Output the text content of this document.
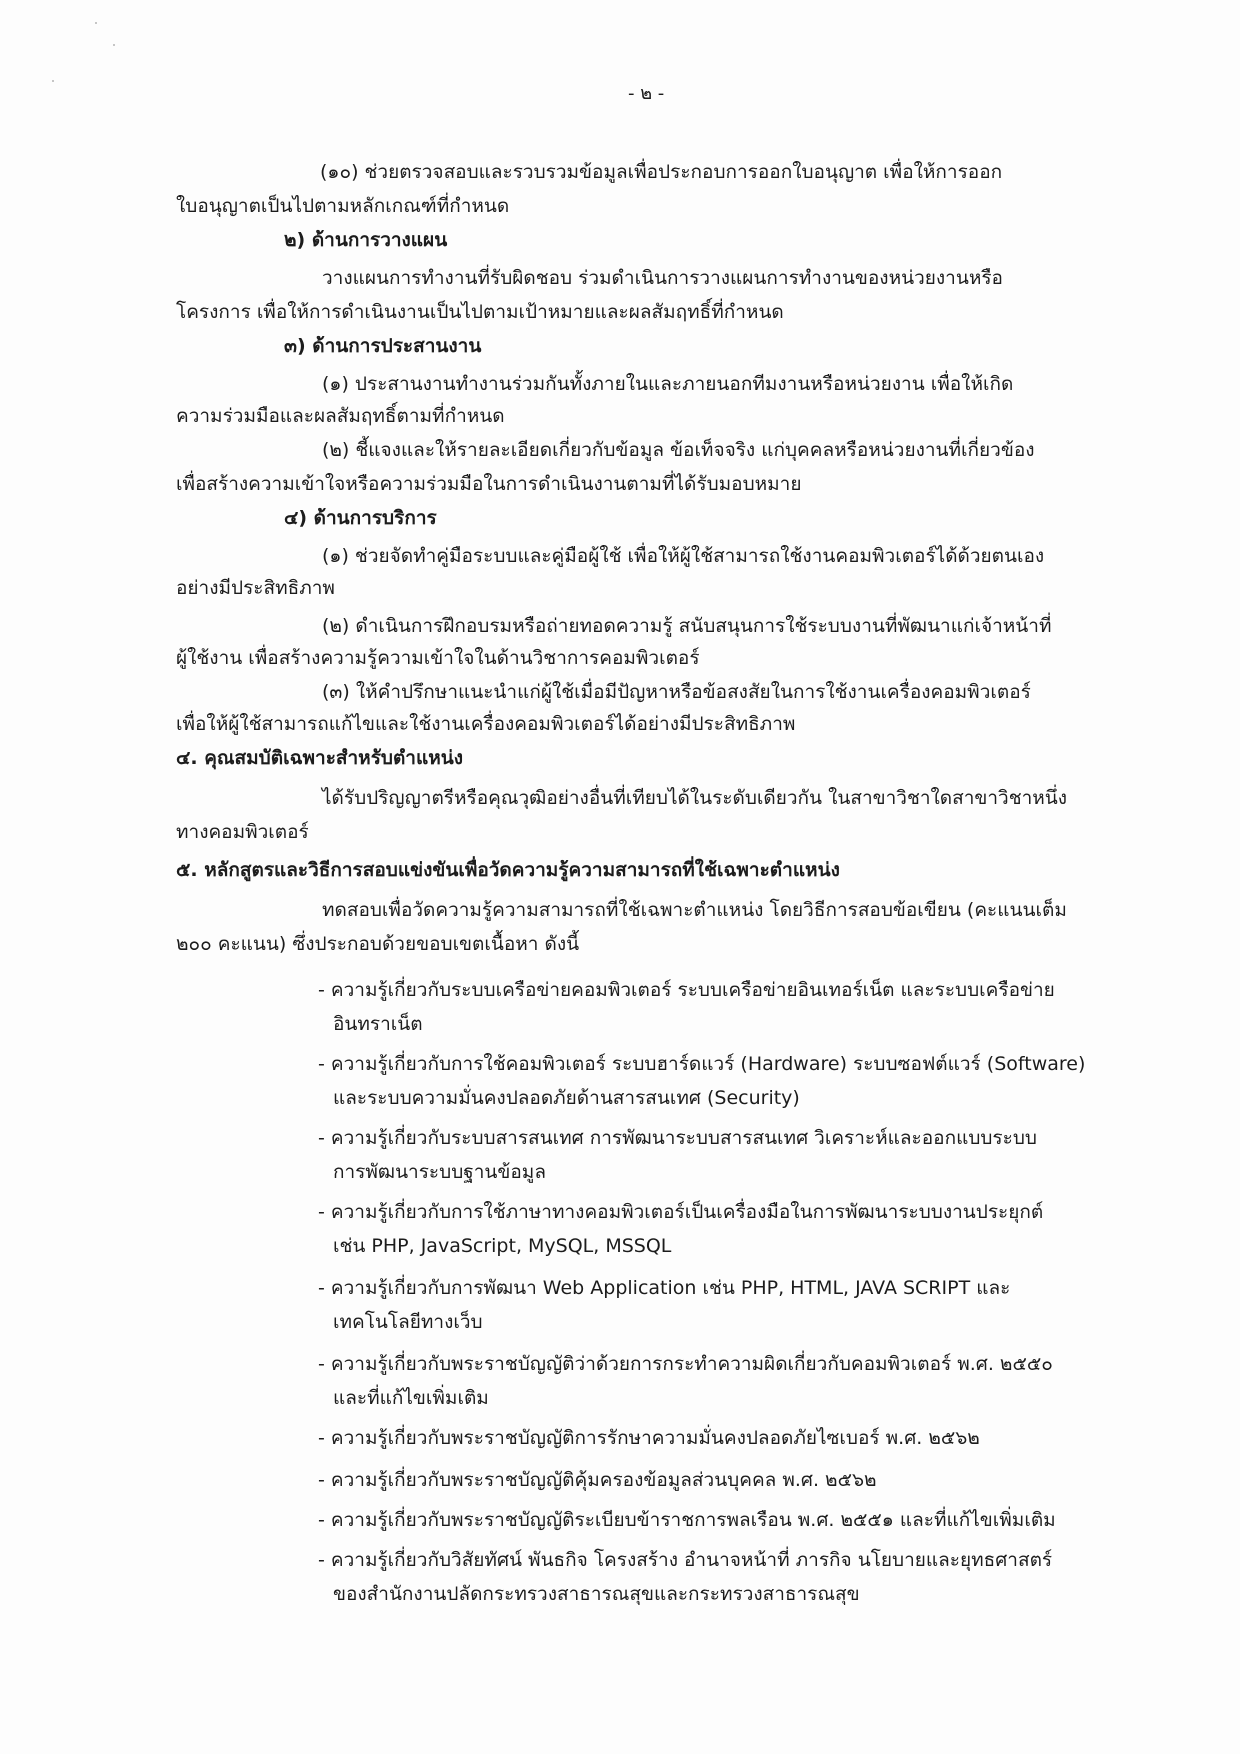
- ๒ -
(๑๐) ช่วยตรวจสอบและรวบรวมข้อมูลเพื่อประกอบการออกใบอนุญาต เพื่อให้การออก
ใบอนุญาตเป็นไปตามหลักเกณฑ์ที่กำหนด
๒) ด้านการวางแผน
วางแผนการทำงานที่รับผิดชอบ ร่วมดำเนินการวางแผนการทำงานของหน่วยงานหรือ
โครงการ เพื่อให้การดำเนินงานเป็นไปตามเป้าหมายและผลสัมฤทธิ์ที่กำหนด
๓) ด้านการประสานงาน
(๑) ประสานงานทำงานร่วมกันทั้งภายในและภายนอกทีมงานหรือหน่วยงาน เพื่อให้เกิด
ความร่วมมือและผลสัมฤทธิ์ตามที่กำหนด
(๒) ชี้แจงและให้รายละเอียดเกี่ยวกับข้อมูล ข้อเท็จจริง แก่บุคคลหรือหน่วยงานที่เกี่ยวข้อง
เพื่อสร้างความเข้าใจหรือความร่วมมือในการดำเนินงานตามที่ได้รับมอบหมาย
๔) ด้านการบริการ
(๑) ช่วยจัดทำคู่มือระบบและคู่มือผู้ใช้ เพื่อให้ผู้ใช้สามารถใช้งานคอมพิวเตอร์ได้ด้วยตนเอง
อย่างมีประสิทธิภาพ
(๒) ดำเนินการฝึกอบรมหรือถ่ายทอดความรู้ สนับสนุนการใช้ระบบงานที่พัฒนาแก่เจ้าหน้าที่
ผู้ใช้งาน เพื่อสร้างความรู้ความเข้าใจในด้านวิชาการคอมพิวเตอร์
(๓) ให้คำปรึกษาแนะนำแก่ผู้ใช้เมื่อมีปัญหาหรือข้อสงสัยในการใช้งานเครื่องคอมพิวเตอร์
เพื่อให้ผู้ใช้สามารถแก้ไขและใช้งานเครื่องคอมพิวเตอร์ได้อย่างมีประสิทธิภาพ
๔. คุณสมบัติเฉพาะสำหรับตำแหน่ง
ได้รับปริญญาตรีหรือคุณวุฒิอย่างอื่นที่เทียบได้ในระดับเดียวกัน ในสาขาวิชาใดสาขาวิชาหนึ่ง
ทางคอมพิวเตอร์
๕. หลักสูตรและวิธีการสอบแข่งขันเพื่อวัดความรู้ความสามารถที่ใช้เฉพาะตำแหน่ง
ทดสอบเพื่อวัดความรู้ความสามารถที่ใช้เฉพาะตำแหน่ง โดยวิธีการสอบข้อเขียน (คะแนนเต็ม
๒๐๐ คะแนน) ซึ่งประกอบด้วยขอบเขตเนื้อหา ดังนี้
- ความรู้เกี่ยวกับระบบเครือข่ายคอมพิวเตอร์ ระบบเครือข่ายอินเทอร์เน็ต และระบบเครือข่าย
อินทราเน็ต
- ความรู้เกี่ยวกับการใช้คอมพิวเตอร์ ระบบฮาร์ดแวร์ (Hardware) ระบบซอฟต์แวร์ (Software)
และระบบความมั่นคงปลอดภัยด้านสารสนเทศ (Security)
- ความรู้เกี่ยวกับระบบสารสนเทศ การพัฒนาระบบสารสนเทศ วิเคราะห์และออกแบบระบบ
การพัฒนาระบบฐานข้อมูล
- ความรู้เกี่ยวกับการใช้ภาษาทางคอมพิวเตอร์เป็นเครื่องมือในการพัฒนาระบบงานประยุกต์
เช่น PHP, JavaScript, MySQL, MSSQL
- ความรู้เกี่ยวกับการพัฒนา Web Application เช่น PHP, HTML, JAVA SCRIPT และ
เทคโนโลยีทางเว็บ
- ความรู้เกี่ยวกับพระราชบัญญัติว่าด้วยการกระทำความผิดเกี่ยวกับคอมพิวเตอร์ พ.ศ. ๒๕๕๐
และที่แก้ไขเพิ่มเติม
- ความรู้เกี่ยวกับพระราชบัญญัติการรักษาความมั่นคงปลอดภัยไซเบอร์ พ.ศ. ๒๕๖๒
- ความรู้เกี่ยวกับพระราชบัญญัติคุ้มครองข้อมูลส่วนบุคคล พ.ศ. ๒๕๖๒
- ความรู้เกี่ยวกับพระราชบัญญัติระเบียบข้าราชการพลเรือน พ.ศ. ๒๕๕๑ และที่แก้ไขเพิ่มเติม
- ความรู้เกี่ยวกับวิสัยทัศน์ พันธกิจ โครงสร้าง อำนาจหน้าที่ ภารกิจ นโยบายและยุทธศาสตร์
ของสำนักงานปลัดกระทรวงสาธารณสุขและกระทรวงสาธารณสุข
